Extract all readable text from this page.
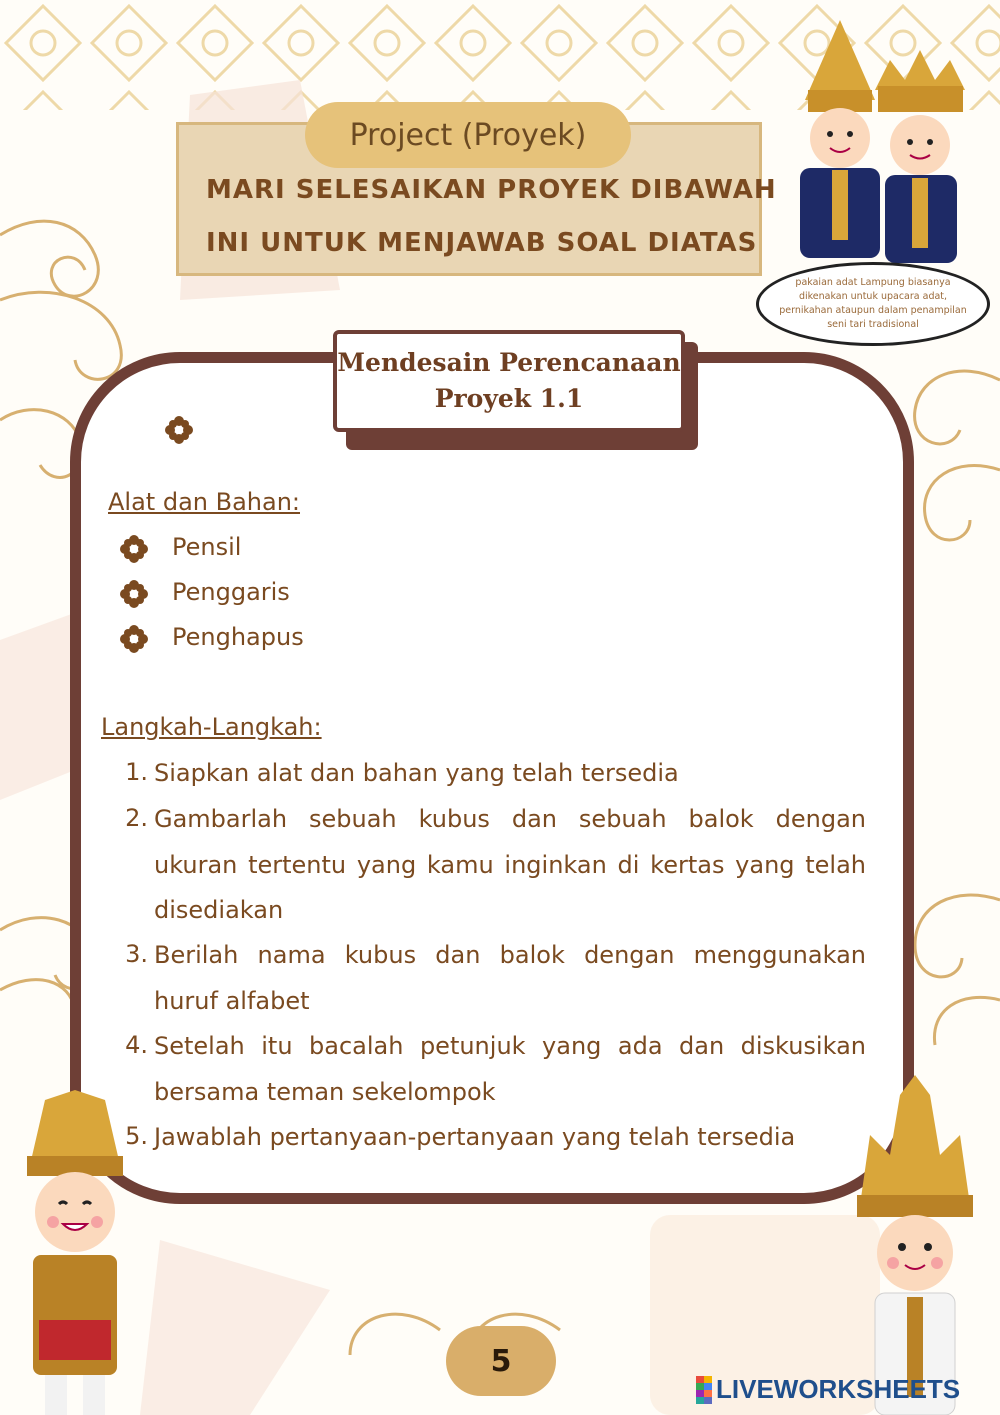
Project (Proyek)
MARI SELESAIKAN PROYEK DIBAWAH
INI UNTUK MENJAWAB SOAL DIATAS
pakaian adat Lampung biasanya dikenakan untuk upacara adat, pernikahan ataupun dalam penampilan seni tari tradisional
Mendesain Perencanaan
Proyek 1.1
Alat dan Bahan:
Pensil
Penggaris
Penghapus
Langkah-Langkah:
1. Siapkan alat dan bahan yang telah tersedia
2. Gambarlah sebuah kubus dan sebuah balok dengan ukuran tertentu yang kamu inginkan di kertas yang telah disediakan
3. Berilah nama kubus dan balok dengan menggunakan huruf alfabet
4. Setelah itu bacalah petunjuk yang ada dan diskusikan bersama teman sekelompok
5. Jawablah pertanyaan-pertanyaan yang telah tersedia
5
LIVEWORKSHEETS
